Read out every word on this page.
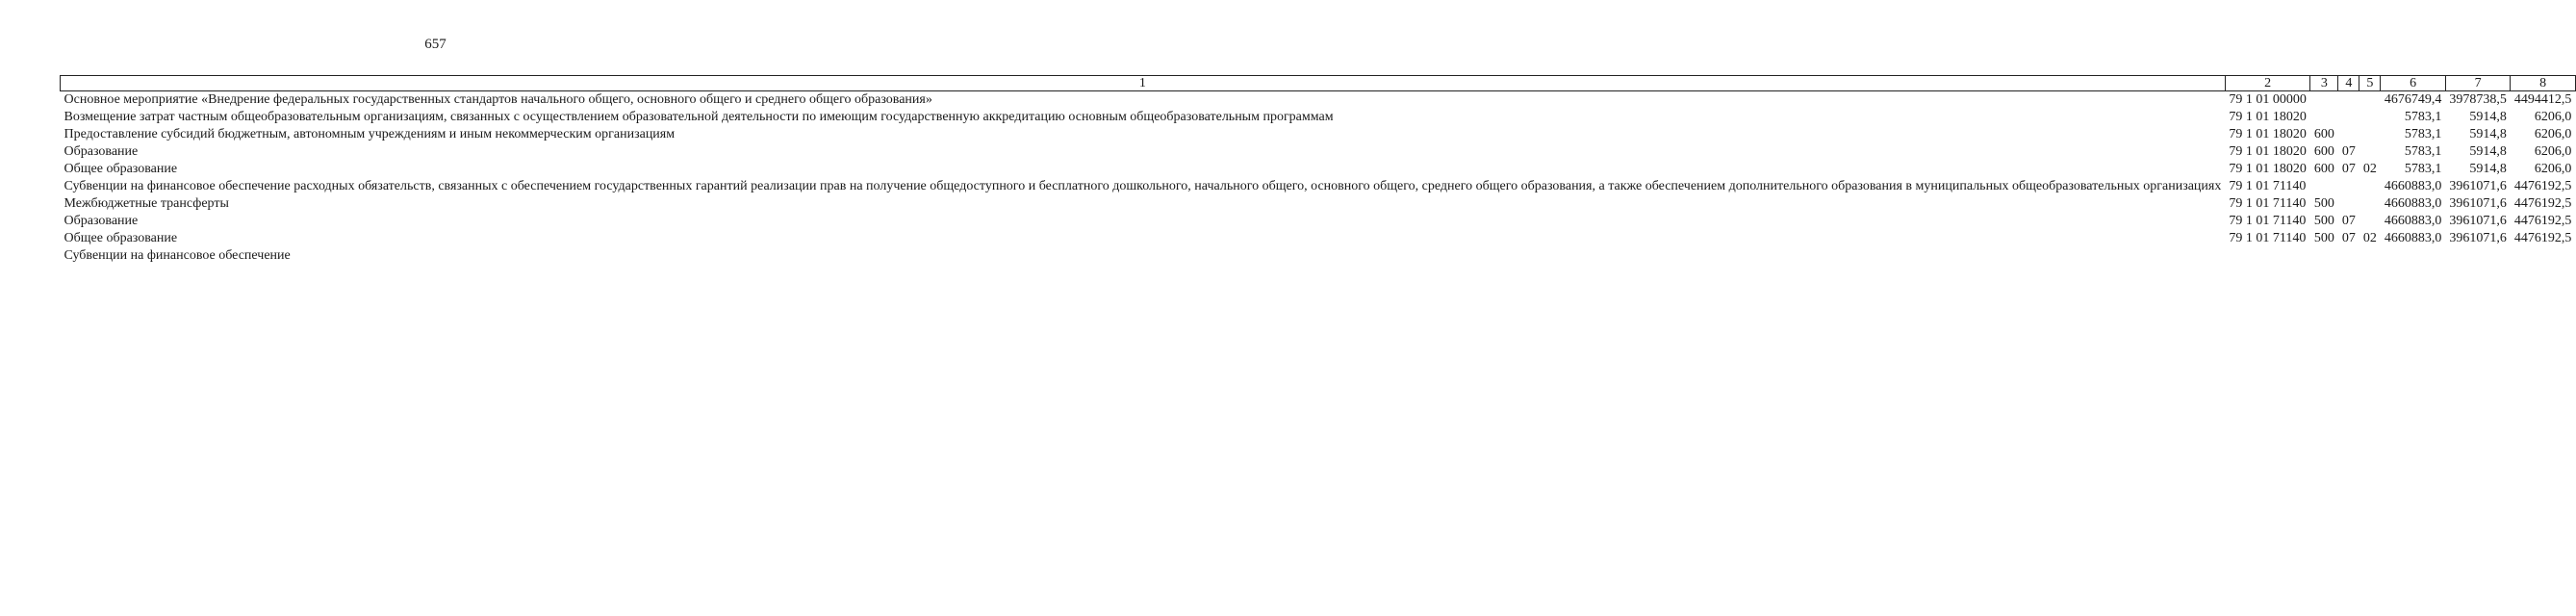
657
1	2	3	4	5	6	7	8
Основное мероприятие «Внедрение федеральных государственных стандартов начального общего, основного общего и среднего общего образования»	79 1 01 00000				4676749,4	3978738,5	4494412,5
Возмещение затрат частным общеобразовательным организациям, связанных с осуществлением образовательной деятельности по имеющим государственную аккредитацию основным общеобразовательным программам	79 1 01 18020				5783,1	5914,8	6206,0
Предоставление субсидий бюджетным, автономным учреждениям и иным некоммерческим организациям	79 1 01 18020	600			5783,1	5914,8	6206,0
Образование	79 1 01 18020	600	07		5783,1	5914,8	6206,0
Общее образование	79 1 01 18020	600	07	02	5783,1	5914,8	6206,0
Субвенции на финансовое обеспечение расходных обязательств, связанных с обеспечением государственных гарантий реализации прав на получение общедоступного и бесплатного дошкольного, начального общего, основного общего, среднего общего образования, а также обеспечением дополнительного образования в муниципальных общеобразовательных организациях	79 1 01 71140				4660883,0	3961071,6	4476192,5
Межбюджетные трансферты	79 1 01 71140	500			4660883,0	3961071,6	4476192,5
Образование	79 1 01 71140	500	07		4660883,0	3961071,6	4476192,5
Общее образование	79 1 01 71140	500	07	02	4660883,0	3961071,6	4476192,5
Субвенции на финансовое обеспечение							
